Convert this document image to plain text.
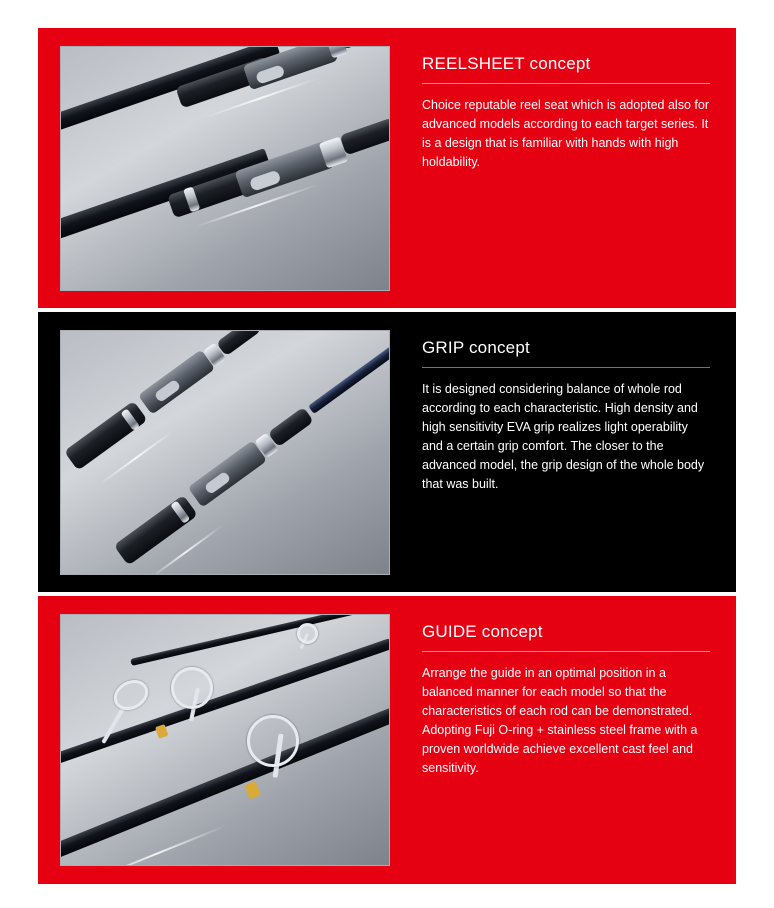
REELSHEET concept

Choice reputable reel seat which is adopted also for advanced models according to each target series. It is a design that is familiar with hands with high holdability.

GRIP concept

It is designed considering balance of whole rod according to each characteristic. High density and high sensitivity EVA grip realizes light operability and a certain grip comfort. The closer to the advanced model, the grip design of the whole body that was built.

GUIDE concept

Arrange the guide in an optimal position in a balanced manner for each model so that the characteristics of each rod can be demonstrated. Adopting Fuji O-ring + stainless steel frame with a proven worldwide achieve excellent cast feel and sensitivity.
